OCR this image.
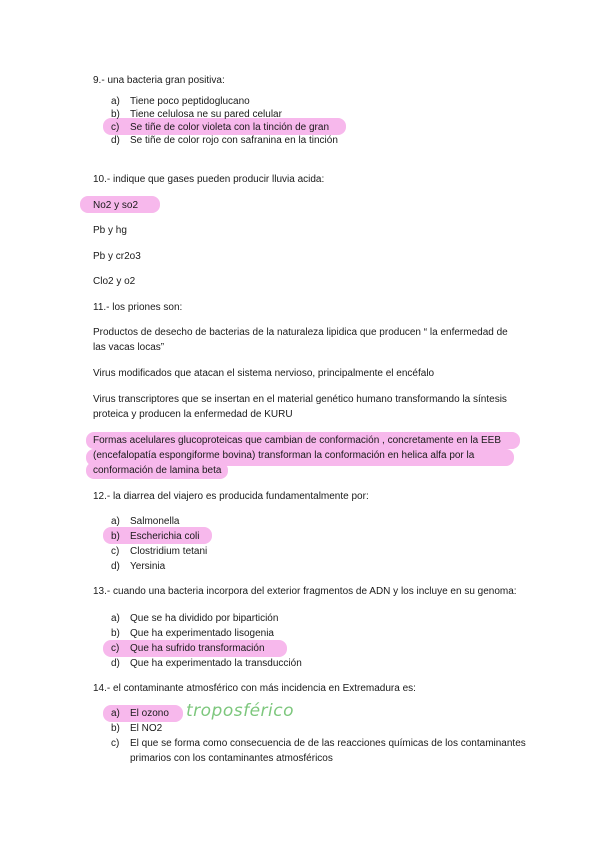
9.- una bacteria gran positiva:
a) Tiene poco peptidoglucano
b) Tiene celulosa ne su pared celular
c) Se tiñe de color violeta con la tinción de gran
d) Se tiñe de color rojo con safranina en la tinción
10.- indique que gases pueden producir lluvia acida:
No2 y so2
Pb y hg
Pb y cr2o3
Clo2 y o2
11.- los priones son:
Productos de desecho de bacterias de la naturaleza lipidica que producen “ la enfermedad de
las vacas locas”
Virus modificados que atacan el sistema nervioso, principalmente el encéfalo
Virus transcriptores que se insertan en el material genético humano transformando la síntesis
proteica y producen la enfermedad de KURU
Formas acelulares glucoproteicas que cambian de conformación , concretamente en la EEB
(encefalopatía espongiforme bovina) transforman la conformación en helica alfa por la
conformación de lamina beta
12.- la diarrea del viajero es producida fundamentalmente por:
a) Salmonella
b) Escherichia coli
c) Clostridium tetani
d) Yersinia
13.- cuando una bacteria incorpora del exterior fragmentos de ADN y los incluye en su genoma:
a) Que se ha dividido por bipartición
b) Que ha experimentado lisogenia
c) Que ha sufrido transformación
d) Que ha experimentado la transducción
14.- el contaminante atmosférico con más incidencia en Extremadura es:
a) El ozono troposférico
b) El NO2
c) El que se forma como consecuencia de de las reacciones químicas de los contaminantes
primarios con los contaminantes atmosféricos
